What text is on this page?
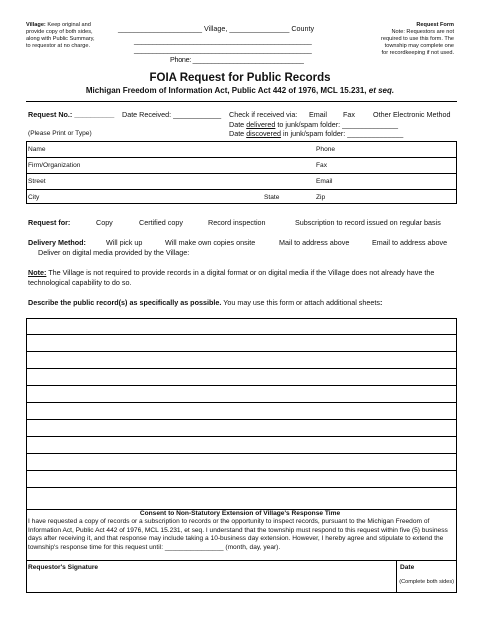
Village: Keep original and
provide copy of both sides,
along with Public Summary,
to requestor at no charge.
_____________________ Village, _______________ County
________________________________________________
________________________________________________
Phone: ______________________________
Request Form
Note: Requestors are not
required to use this form. The
township may complete one
for recordkeeping if not used.
FOIA Request for Public Records
Michigan Freedom of Information Act, Public Act 442 of 1976, MCL 15.231, et seq.
Request No.: __________
(Please Print or Type)
Date Received: ____________ Check if received via: Email Fax	Other Electronic Method
Date delivered to junk/spam folder: ______________
Date discovered in junk/spam folder: ______________
Name	Phone
Firm/Organization	Fax
Street	Email
City	State	Zip
Request for:	Copy	Certified copy	Record inspection	Subscription to record issued on regular basis
Delivery Method:	Will pick up	Will make own copies onsite	Mail to address above	Email to address above
Deliver on digital media provided by the Village:
Note: The Village is not required to provide records in a digital format or on digital media if the Village does not already have the
technological capability to do so.
Describe the public record(s) as specifically as possible. You may use this form or attach additional sheets:
Consent to Non-Statutory Extension of Village's Response Time
I have requested a copy of records or a subscription to records or the opportunity to inspect records, pursuant to the Michigan Freedom of
Information Act, Public Act 442 of 1976, MCL 15.231, et seq. I understand that the township must respond to this request within five (5) business
days after receiving it, and that response may include taking a 10-business day extension. However, I hereby agree and stipulate to extend the
township's response time for this request until: ________________ (month, day, year).
Requestor's Signature	Date
(Complete both sides)
